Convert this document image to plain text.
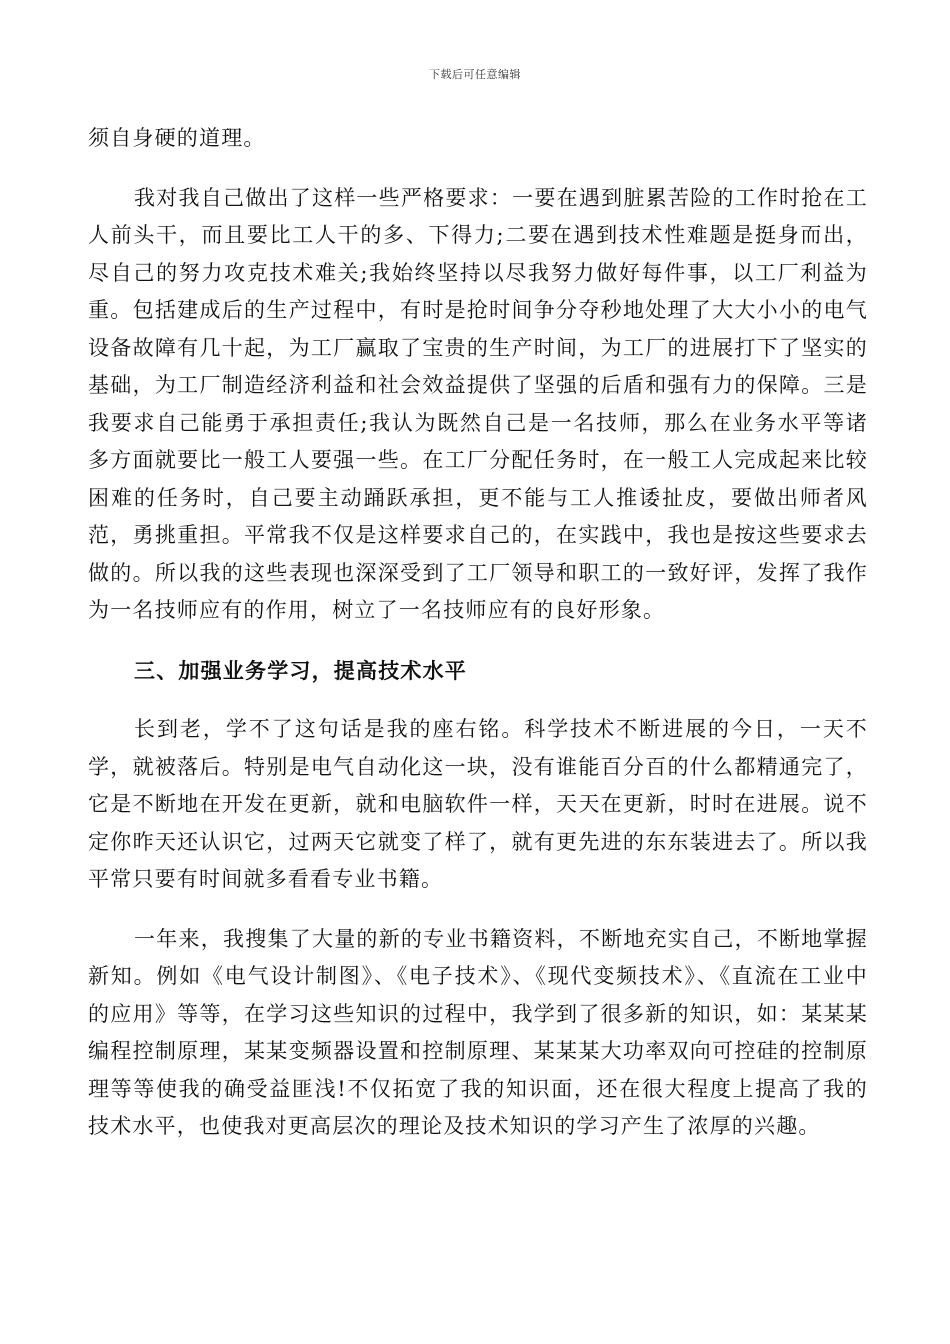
下载后可任意编辑

须自身硬的道理。

我对我自己做出了这样一些严格要求：一要在遇到脏累苦险的工作时抢在工人前头干，而且要比工人干的多、下得力;二要在遇到技术性难题是挺身而出，尽自己的努力攻克技术难关;我始终坚持以尽我努力做好每件事，以工厂利益为重。包括建成后的生产过程中，有时是抢时间争分夺秒地处理了大大小小的电气设备故障有几十起，为工厂赢取了宝贵的生产时间，为工厂的进展打下了坚实的基础，为工厂制造经济利益和社会效益提供了坚强的后盾和强有力的保障。三是我要求自己能勇于承担责任;我认为既然自己是一名技师，那么在业务水平等诸多方面就要比一般工人要强一些。在工厂分配任务时，在一般工人完成起来比较困难的任务时，自己要主动踊跃承担，更不能与工人推诿扯皮，要做出师者风范，勇挑重担。平常我不仅是这样要求自己的，在实践中，我也是按这些要求去做的。所以我的这些表现也深深受到了工厂领导和职工的一致好评，发挥了我作为一名技师应有的作用，树立了一名技师应有的良好形象。

三、加强业务学习，提高技术水平

长到老，学不了这句话是我的座右铭。科学技术不断进展的今日，一天不学，就被落后。特别是电气自动化这一块，没有谁能百分百的什么都精通完了，它是不断地在开发在更新，就和电脑软件一样，天天在更新，时时在进展。说不定你昨天还认识它，过两天它就变了样了，就有更先进的东东装进去了。所以我平常只要有时间就多看看专业书籍。

一年来，我搜集了大量的新的专业书籍资料，不断地充实自己，不断地掌握新知。例如《电气设计制图》、《电子技术》、《现代变频技术》、《直流在工业中的应用》等等，在学习这些知识的过程中，我学到了很多新的知识，如：某某某编程控制原理，某某变频器设置和控制原理、某某某大功率双向可控硅的控制原理等等使我的确受益匪浅!不仅拓宽了我的知识面，还在很大程度上提高了我的技术水平，也使我对更高层次的理论及技术知识的学习产生了浓厚的兴趣。
